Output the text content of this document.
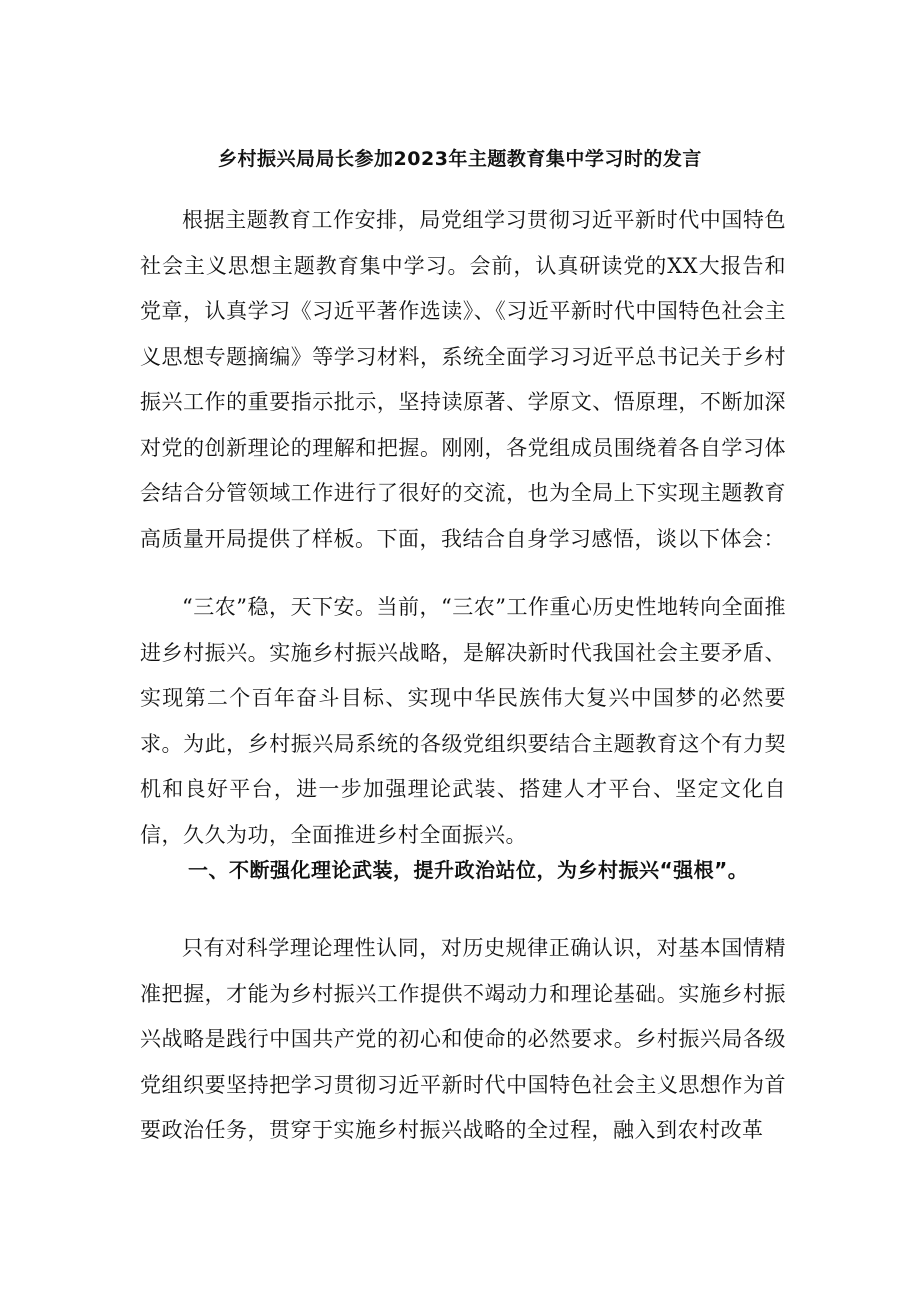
乡村振兴局局长参加2023年主题教育集中学习时的发言

根据主题教育工作安排，局党组学习贯彻习近平新时代中国特色社会主义思想主题教育集中学习。会前，认真研读党的XX大报告和党章，认真学习《习近平著作选读》、《习近平新时代中国特色社会主义思想专题摘编》等学习材料，系统全面学习习近平总书记关于乡村振兴工作的重要指示批示，坚持读原著、学原文、悟原理，不断加深对党的创新理论的理解和把握。刚刚，各党组成员围绕着各自学习体会结合分管领域工作进行了很好的交流，也为全局上下实现主题教育高质量开局提供了样板。下面，我结合自身学习感悟，谈以下体会：

“三农”稳，天下安。当前，“三农”工作重心历史性地转向全面推进乡村振兴。实施乡村振兴战略，是解决新时代我国社会主要矛盾、实现第二个百年奋斗目标、实现中华民族伟大复兴中国梦的必然要求。为此，乡村振兴局系统的各级党组织要结合主题教育这个有力契机和良好平台，进一步加强理论武装、搭建人才平台、坚定文化自信，久久为功，全面推进乡村全面振兴。

一、不断强化理论武装，提升政治站位，为乡村振兴“强根”。

只有对科学理论理性认同，对历史规律正确认识，对基本国情精准把握，才能为乡村振兴工作提供不竭动力和理论基础。实施乡村振兴战略是践行中国共产党的初心和使命的必然要求。乡村振兴局各级党组织要坚持把学习贯彻习近平新时代中国特色社会主义思想作为首要政治任务，贯穿于实施乡村振兴战略的全过程，融入到农村改革
